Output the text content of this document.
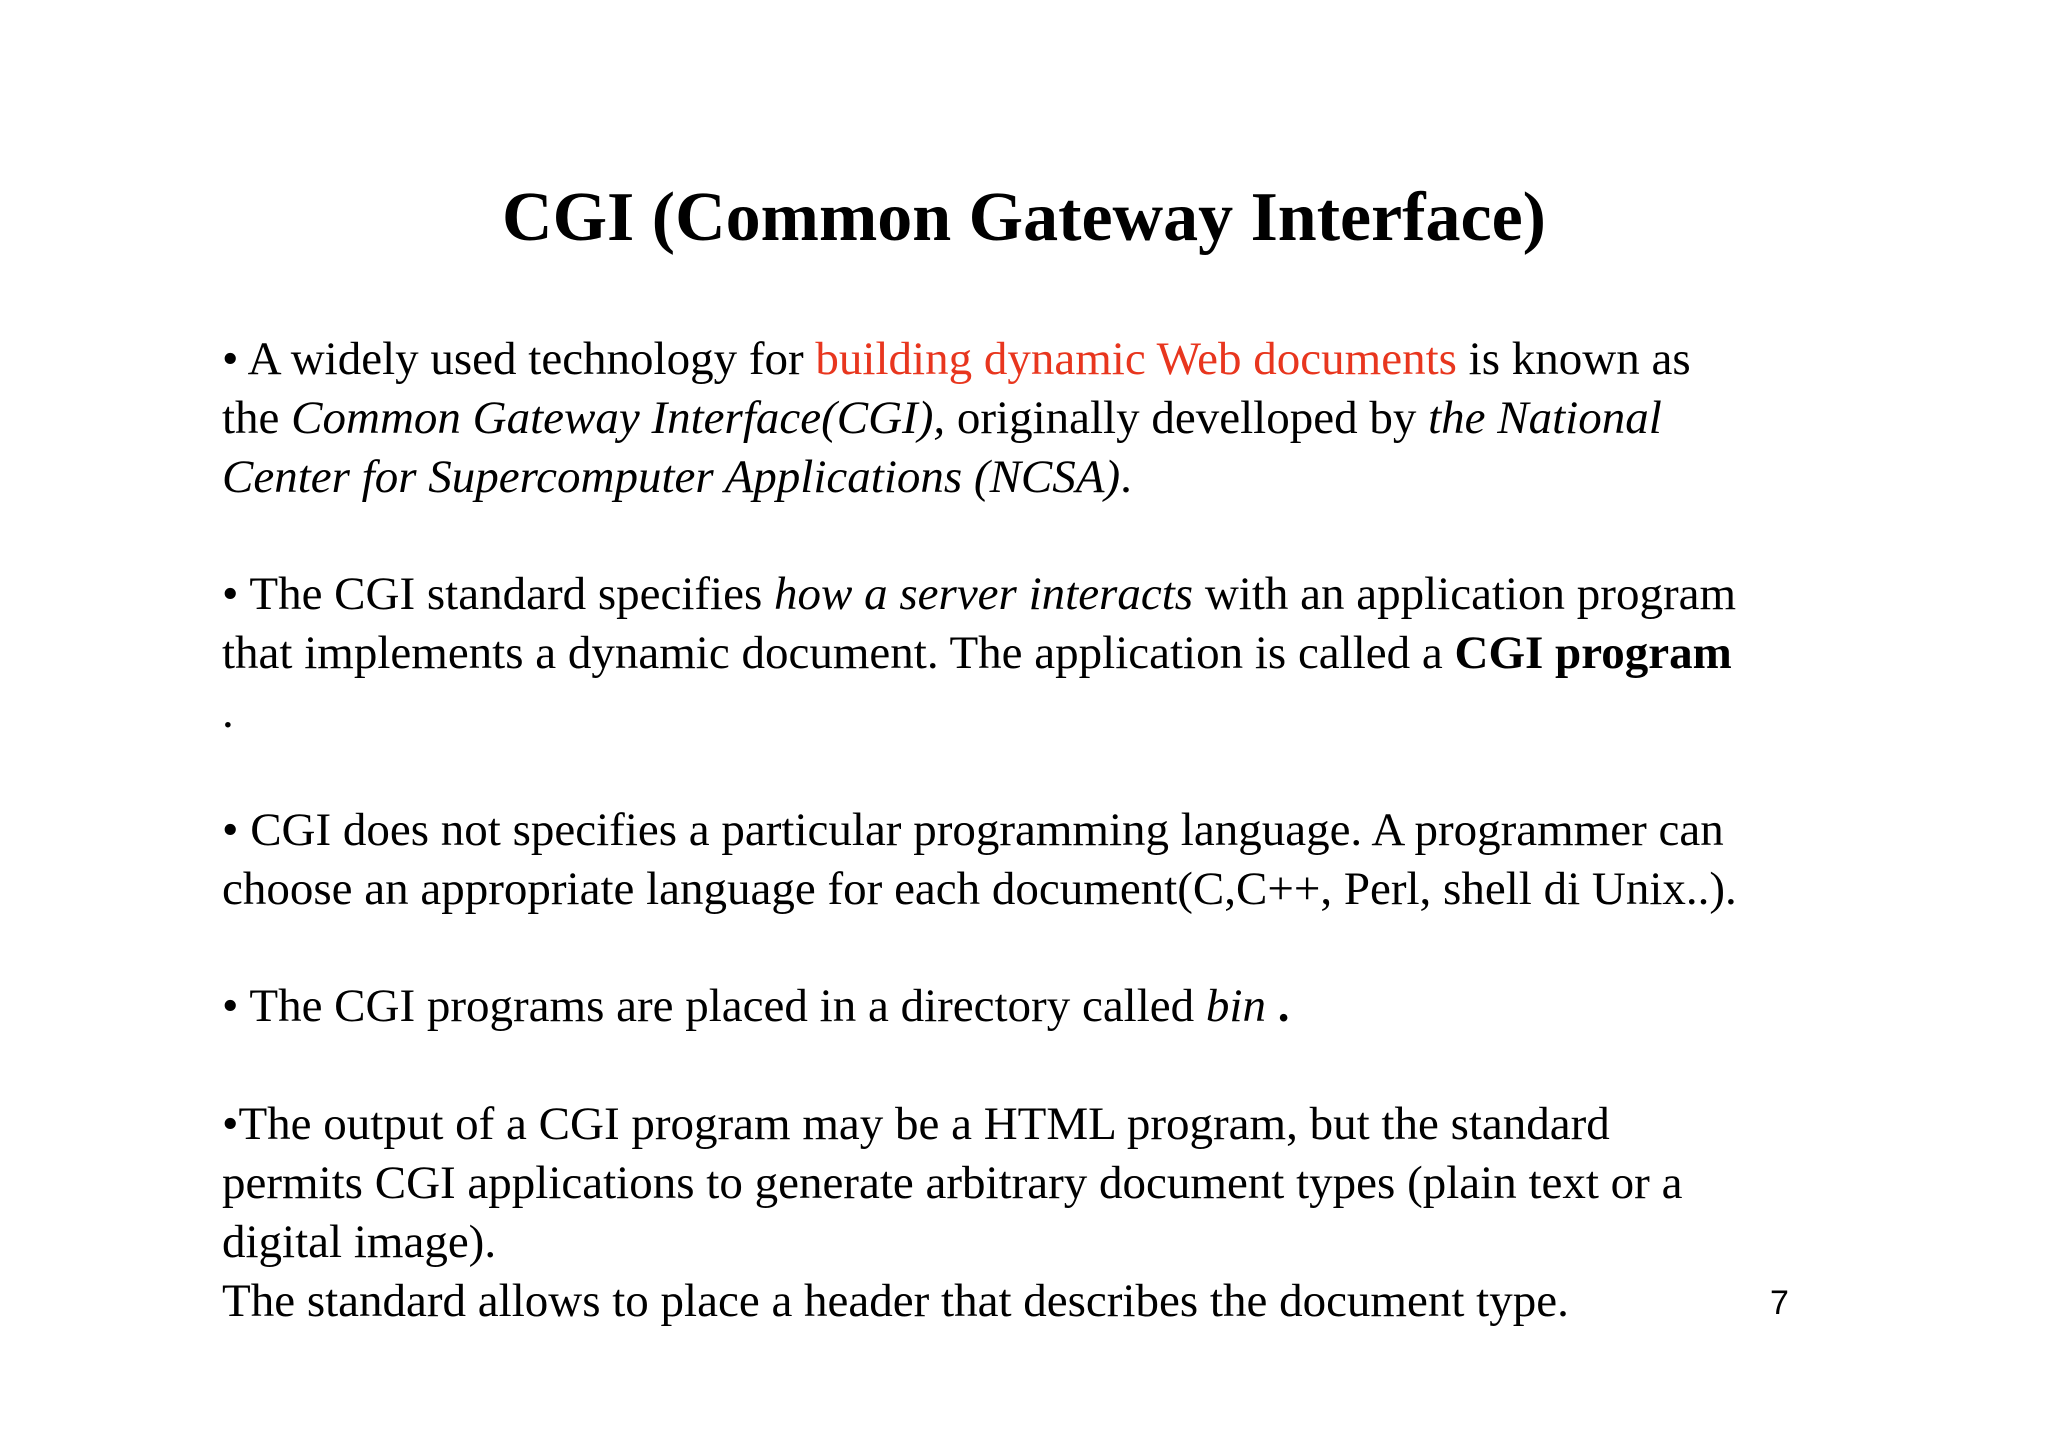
CGI (Common Gateway Interface)
• A widely used technology for building dynamic Web documents is known as
the Common Gateway Interface(CGI), originally develloped by the National
Center for Supercomputer Applications (NCSA).
• The CGI standard specifies how a server interacts with an application program
that implements a dynamic document. The application is called a CGI program
.
• CGI does not specifies a particular programming language. A programmer can
choose an appropriate language for each document(C,C++, Perl, shell di Unix..).
• The CGI programs are placed in a directory called bin .
•The output of a CGI program may be a HTML program, but the standard
permits CGI applications to generate arbitrary document types (plain text or a
digital image).
The standard allows to place a header that describes the document type.	7
